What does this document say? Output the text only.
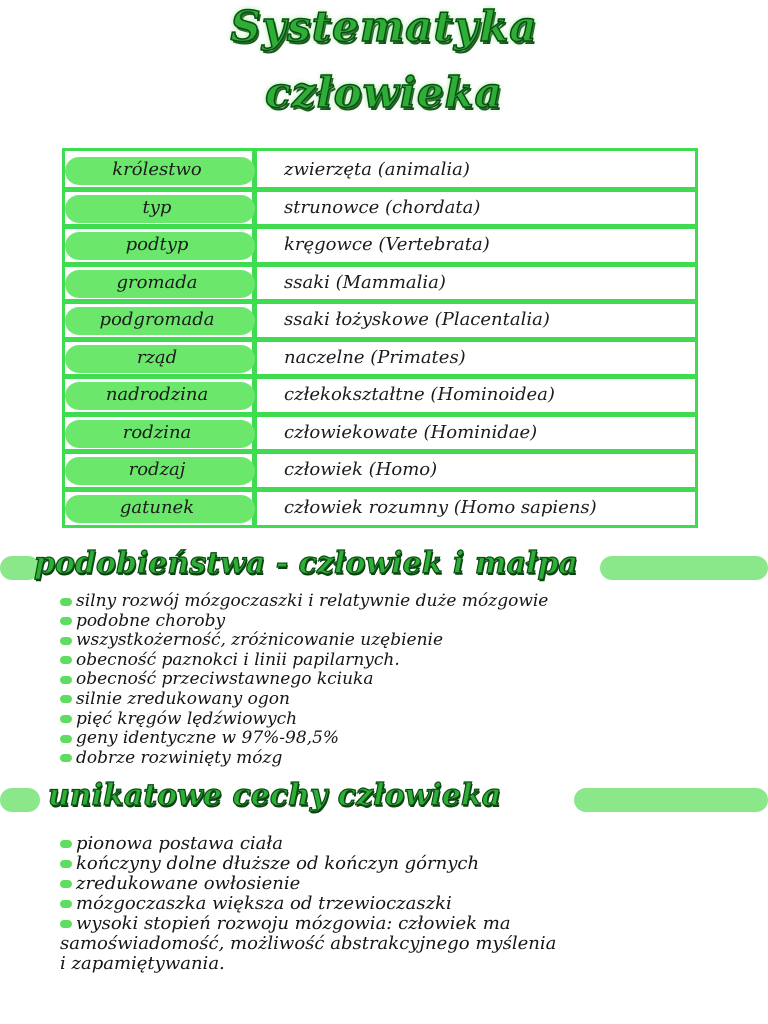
Systematyka
człowieka
królestwo	zwierzęta (animalia)
typ	strunowce (chordata)
podtyp	kręgowce (Vertebrata)
gromada	ssaki (Mammalia)
podgromada	ssaki łożyskowe (Placentalia)
rząd	naczelne (Primates)
nadrodzina	człekokształtne (Hominoidea)
rodzina	człowiekowate (Hominidae)
rodzaj	człowiek (Homo)
gatunek	człowiek rozumny (Homo sapiens)
podobieństwa - człowiek i małpa
silny rozwój mózgoczaszki i relatywnie duże mózgowie
podobne choroby
wszystkożerność, zróżnicowanie uzębienie
obecność paznokci i linii papilarnych.
obecność przeciwstawnego kciuka
silnie zredukowany ogon
pięć kręgów lędźwiowych
geny identyczne w 97%-98,5%
dobrze rozwinięty mózg
unikatowe cechy człowieka
pionowa postawa ciała
kończyny dolne dłuższe od kończyn górnych
zredukowane owłosienie
mózgoczaszka większa od trzewioczaszki
wysoki stopień rozwoju mózgowia: człowiek ma
samoświadomość, możliwość abstrakcyjnego myślenia
i zapamiętywania.
